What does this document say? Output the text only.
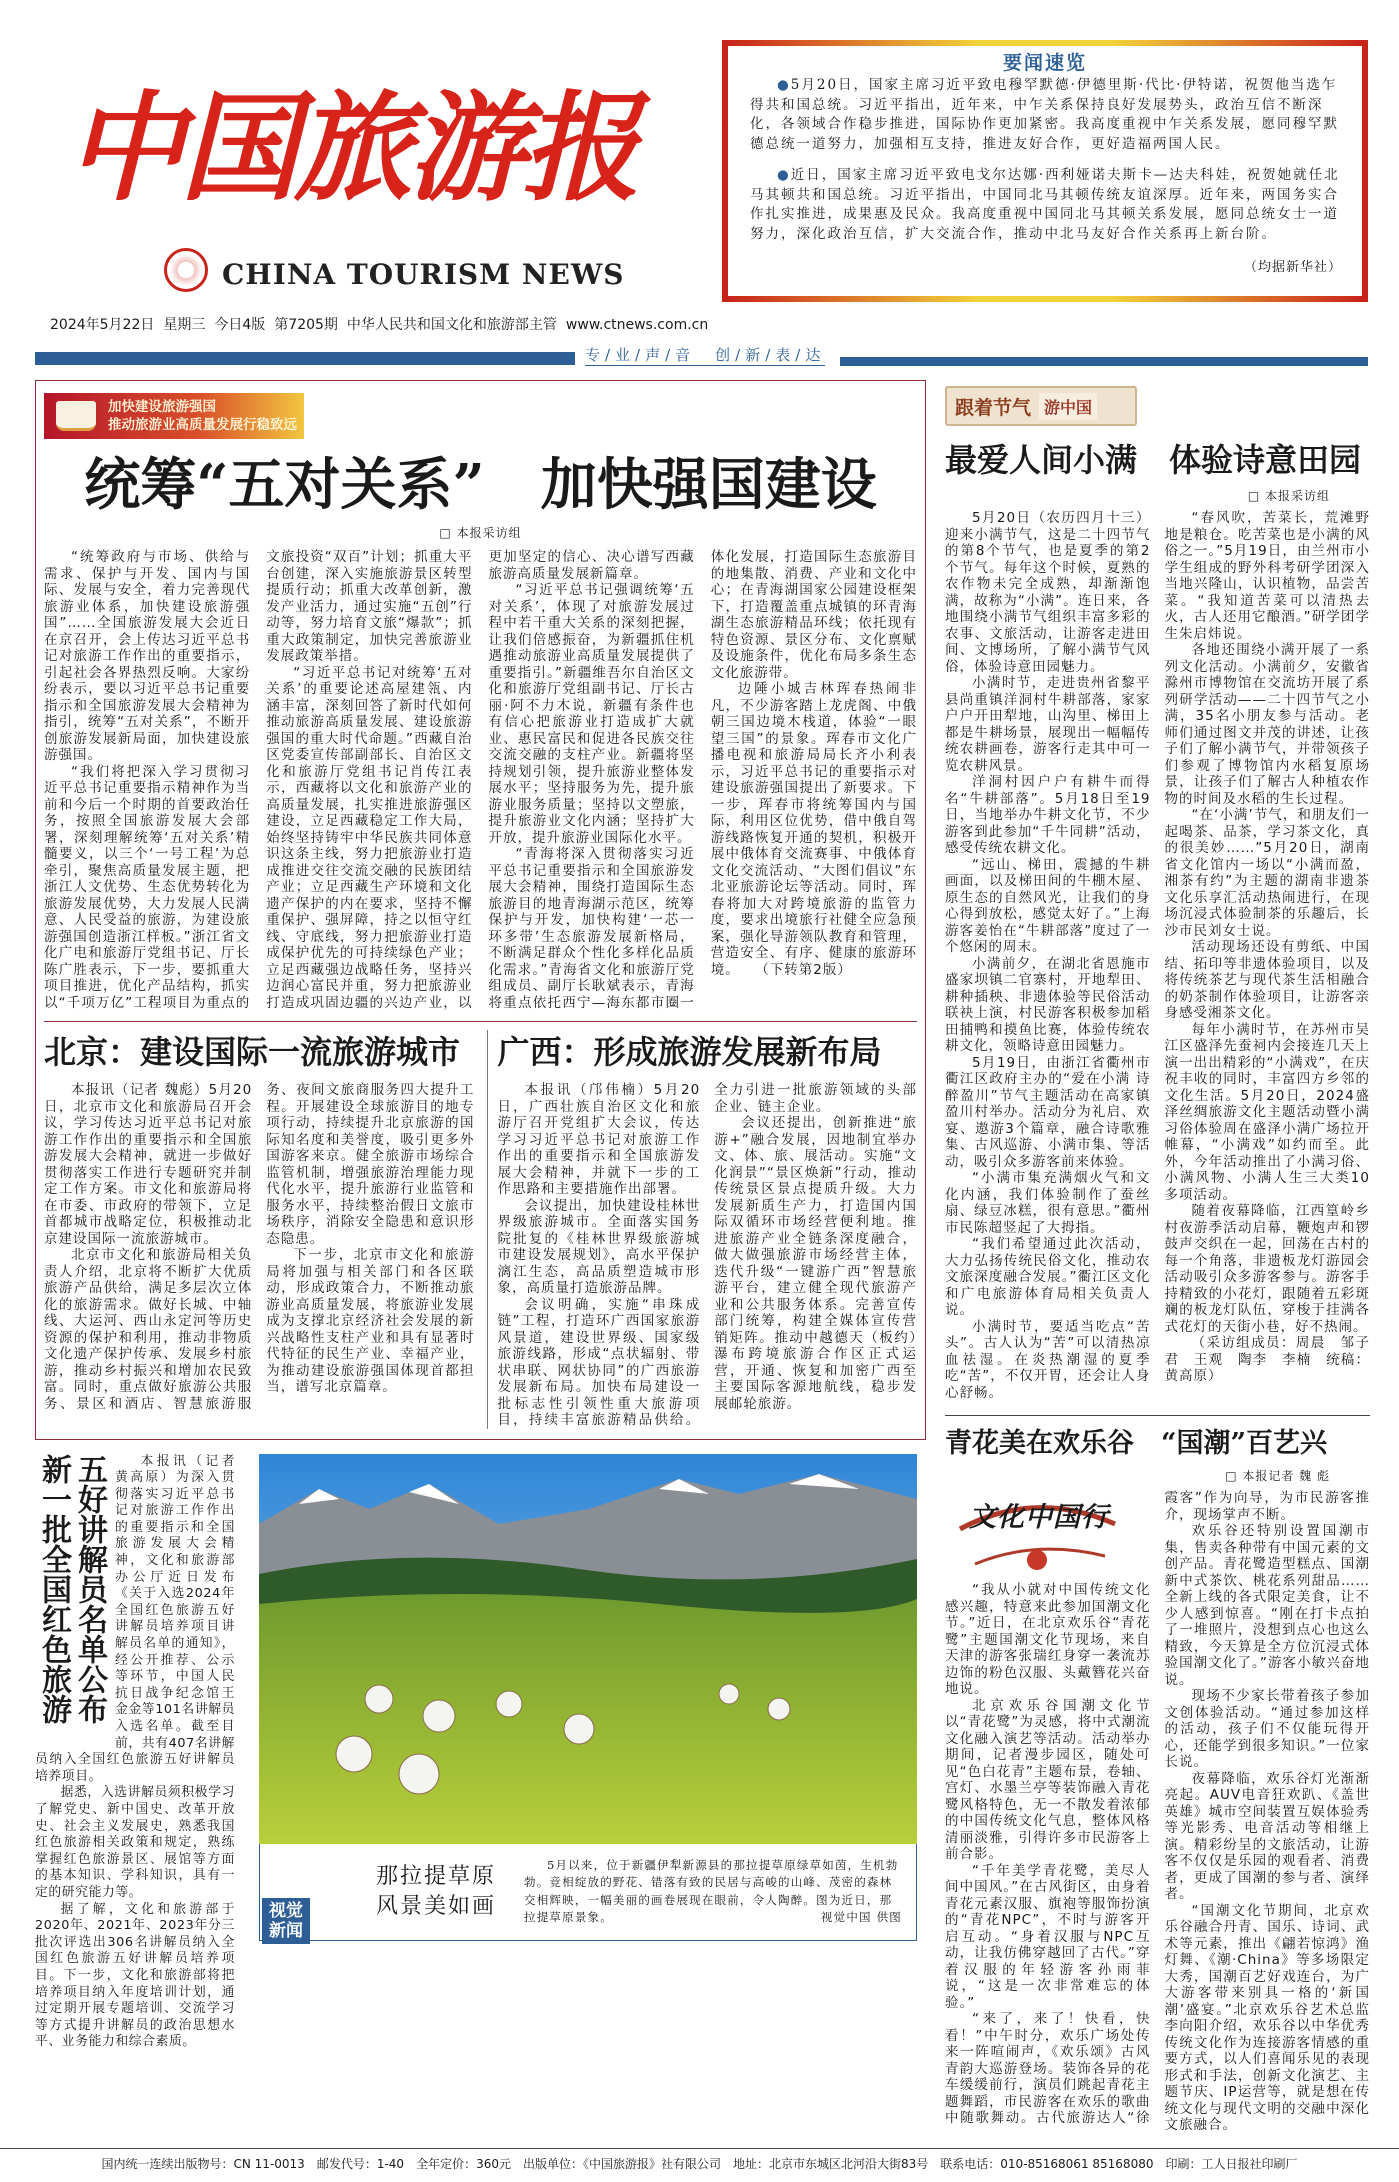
中国旅游报
CHINA TOURISM NEWS
2024年5月22日 星期三 今日4版 第7205期 中华人民共和国文化和旅游部主管 www.ctnews.com.cn
专/业/声/音　创/新/表/达
要闻速览

●5月20日，国家主席习近平致电穆罕默德·伊德里斯·代比·伊特诺，祝贺他当选乍得共和国总统。习近平指出，近年来，中乍关系保持良好发展势头，政治互信不断深化，各领域合作稳步推进，国际协作更加紧密。我高度重视中乍关系发展，愿同穆罕默德总统一道努力，加强相互支持，推进友好合作，更好造福两国人民。

●近日，国家主席习近平致电戈尔达娜·西利娅诺夫斯卡—达夫科娃，祝贺她就任北马其顿共和国总统。习近平指出，中国同北马其顿传统友谊深厚。近年来，两国务实合作扎实推进，成果惠及民众。我高度重视中国同北马其顿关系发展，愿同总统女士一道努力，深化政治互信，扩大交流合作，推动中北马友好合作关系再上新台阶。

（均据新华社）
加快建设旅游强国
推动旅游业高质量发展行稳致远
统筹“五对关系”　加快强国建设
□ 本报采访组

“统筹政府与市场、供给与需求、保护与开发、国内与国际、发展与安全，着力完善现代旅游业体系，加快建设旅游强国”……全国旅游发展大会近日在京召开，会上传达习近平总书记对旅游工作作出的重要指示，引起社会各界热烈反响。大家纷纷表示，要以习近平总书记重要指示和全国旅游发展大会精神为指引，统筹“五对关系”，不断开创旅游发展新局面，加快建设旅游强国。

“我们将把深入学习贯彻习近平总书记重要指示精神作为当前和今后一个时期的首要政治任务，按照全国旅游发展大会部署，深刻理解统筹‘五对关系’精髓要义，以三个‘一号工程’为总牵引，聚焦高质量发展主题，把浙江人文优势、生态优势转化为旅游发展优势，大力发展人民满意、人民受益的旅游，为建设旅游强国创造浙江样板。”浙江省文化广电和旅游厅党组书记、厅长陈广胜表示，下一步，要抓重大项目推进，优化产品结构，抓实以“千项万亿”工程项目为重点的文旅投资“双百”计划；抓重大平台创建，深入实施旅游景区转型提质行动；抓重大改革创新，激发产业活力，通过实施“五创”行动等，努力培育文旅“爆款”；抓重大政策制定，加快完善旅游业发展政策举措。

“习近平总书记对统筹‘五对关系’的重要论述高屋建瓴、内涵丰富，深刻回答了新时代如何推动旅游高质量发展、建设旅游强国的重大时代命题。”西藏自治区党委宣传部副部长、自治区文化和旅游厅党组书记肖传江表示，西藏将以文化和旅游产业的高质量发展，扎实推进旅游强区建设，立足西藏稳定工作大局，始终坚持铸牢中华民族共同体意识这条主线，努力把旅游业打造成推进交往交流交融的民族团结产业；立足西藏生产环境和文化遗产保护的内在要求，坚持不懈重保护、强屏障，持之以恒守红线、守底线，努力把旅游业打造成保护优先的可持续绿色产业；立足西藏强边战略任务，坚持兴边润心富民并重，努力把旅游业打造成巩固边疆的兴边产业，以更加坚定的信心、决心谱写西藏旅游高质量发展新篇章。

“习近平总书记强调统筹‘五对关系’，体现了对旅游发展过程中若干重大关系的深刻把握，让我们倍感振奋，为新疆抓住机遇推动旅游业高质量发展提供了重要指引。”新疆维吾尔自治区文化和旅游厅党组副书记、厅长古丽·阿不力木说，新疆有条件也有信心把旅游业打造成扩大就业、惠民富民和促进各民族交往交流交融的支柱产业。新疆将坚持规划引领，提升旅游业整体发展水平；坚持服务为先，提升旅游业服务质量；坚持以文塑旅，提升旅游业文化内涵；坚持扩大开放，提升旅游业国际化水平。

“青海将深入贯彻落实习近平总书记重要指示和全国旅游发展大会精神，围绕打造国际生态旅游目的地青海湖示范区，统筹保护与开发，加快构建‘一芯一环多带’生态旅游发展新格局，不断满足群众个性化多样化品质化需求。”青海省文化和旅游厅党组成员、副厅长耿斌表示，青海将重点依托西宁—海东都市圈一体化发展，打造国际生态旅游目的地集散、消费、产业和文化中心；在青海湖国家公园建设框架下，打造覆盖重点城镇的环青海湖生态旅游精品环线；依托现有特色资源、景区分布、文化禀赋及设施条件，优化布局多条生态文化旅游带。

边陲小城吉林珲春热闹非凡，不少游客踏上龙虎阁、中俄朝三国边境木栈道，体验“一眼望三国”的景象。珲春市文化广播电视和旅游局局长齐小利表示，习近平总书记的重要指示对建设旅游强国提出了新要求。下一步，珲春市将统筹国内与国际，利用区位优势，借中俄自驾游线路恢复开通的契机，积极开展中俄体育交流赛事、中俄体育文化交流活动、“大图们倡议”东北亚旅游论坛等活动。同时，珲春将加大对跨境旅游的监管力度，要求出境旅行社健全应急预案，强化导游领队教育和管理，营造安全、有序、健康的旅游环境。　　（下转第2版）

北京：建设国际一流旅游城市

本报讯（记者 魏彪）5月20日，北京市文化和旅游局召开会议，学习传达习近平总书记对旅游工作作出的重要指示和全国旅游发展大会精神，就进一步做好贯彻落实工作进行专题研究并制定工作方案。市文化和旅游局将在市委、市政府的带领下，立足首都城市战略定位，积极推动北京建设国际一流旅游城市。

北京市文化和旅游局相关负责人介绍，北京将不断扩大优质旅游产品供给，满足多层次立体化的旅游需求。做好长城、中轴线、大运河、西山永定河等历史资源的保护和利用，推动非物质文化遗产保护传承、发展乡村旅游，推动乡村振兴和增加农民致富。同时，重点做好旅游公共服务、景区和酒店、智慧旅游服务、夜间文旅商服务四大提升工程。开展建设全球旅游目的地专项行动，持续提升北京旅游的国际知名度和美誉度，吸引更多外国游客来京。健全旅游市场综合监管机制，增强旅游治理能力现代化水平，提升旅游行业监管和服务水平，持续整治假日文旅市场秩序，消除安全隐患和意识形态隐患。

下一步，北京市文化和旅游局将加强与相关部门和各区联动，形成政策合力，不断推动旅游业高质量发展，将旅游业发展成为支撑北京经济社会发展的新兴战略性支柱产业和具有显著时代特征的民生产业、幸福产业，为推动建设旅游强国体现首都担当，谱写北京篇章。

广西：形成旅游发展新布局

本报讯（邝伟楠）5月20日，广西壮族自治区文化和旅游厅召开党组扩大会议，传达学习习近平总书记对旅游工作作出的重要指示和全国旅游发展大会精神，并就下一步的工作思路和主要措施作出部署。

会议提出，加快建设桂林世界级旅游城市。全面落实国务院批复的《桂林世界级旅游城市建设发展规划》，高水平保护漓江生态，高品质塑造城市形象，高质量打造旅游品牌。

会议明确，实施“串珠成链”工程，打造环广西国家旅游风景道，建设世界级、国家级旅游线路，形成“点状辐射、带状串联、网状协同”的广西旅游发展新布局。加快布局建设一批标志性引领性重大旅游项目，持续丰富旅游精品供给。全力引进一批旅游领域的头部企业、链主企业。

会议还提出，创新推进“旅游+”融合发展，因地制宜举办文、体、旅、展活动。实施“文化润景”“景区焕新”行动，推动传统景区景点提质升级。大力发展新质生产力，打造国内国际双循环市场经营便利地。推进旅游产业全链条深度融合，做大做强旅游市场经营主体，迭代升级“一键游广西”智慧旅游平台，建立健全现代旅游产业和公共服务体系。完善宣传部门统筹，构建全媒体宣传营销矩阵。推动中越德天（板约）瀑布跨境旅游合作区正式运营，开通、恢复和加密广西至主要国际客源地航线，稳步发展邮轮旅游。

新一批全国红色旅游五好讲解员名单公布	本报讯（记者 黄高原）为深入贯彻落实习近平总书记对旅游工作作出的重要指示和全国旅游发展大会精神，文化和旅游部办公厅近日发布《关于入选2024年全国红色旅游五好讲解员培养项目讲解员名单的通知》，经公开推荐、公示等环节，中国人民抗日战争纪念馆王金金等101名讲解员入选名单。截至目前，共有407名讲解员纳入全国红色旅游五好讲解员培养项目。

据悉，入选讲解员须积极学习了解党史、新中国史、改革开放史、社会主义发展史，熟悉我国红色旅游相关政策和规定，熟练掌握红色旅游景区、展馆等方面的基本知识、学科知识，具有一定的研究能力等。

据了解，文化和旅游部于2020年、2021年、2023年分三批次评选出306名讲解员纳入全国红色旅游五好讲解员培养项目。下一步，文化和旅游部将把培养项目纳入年度培训计划，通过定期开展专题培训、交流学习等方式提升讲解员的政治思想水平、业务能力和综合素质。

视觉新闻
那拉提草原
风景美如画
5月以来，位于新疆伊犁新源县的那拉提草原绿草如茵，生机勃勃。竞相绽放的野花、错落有致的民居与高峻的山峰、茂密的森林交相辉映，一幅美丽的画卷展现在眼前，令人陶醉。图为近日，那拉提草原景象。	视觉中国 供图
跟着节气 游中国
最爱人间小满　体验诗意田园
□ 本报采访组

5月20日（农历四月十三）迎来小满节气，这是二十四节气的第8个节气，也是夏季的第2个节气。每年这个时候，夏熟的农作物未完全成熟，却渐渐饱满，故称为“小满”。连日来，各地围绕小满节气组织丰富多彩的农事、文旅活动，让游客走进田间、文博场所，了解小满节气风俗，体验诗意田园魅力。

小满时节，走进贵州省黎平县尚重镇洋洞村牛耕部落，家家户户开田犁地，山沟里、梯田上都是牛耕场景，展现出一幅幅传统农耕画卷，游客行走其中可一览农耕风景。

洋洞村因户户有耕牛而得名“牛耕部落”。5月18日至19日，当地举办牛耕文化节，不少游客到此参加“千牛同耕”活动，感受传统农耕文化。

“远山、梯田，震撼的牛耕画面，以及梯田间的牛棚木屋、原生态的自然风光，让我们的身心得到放松，感觉太好了。”上海游客姜怡在“牛耕部落”度过了一个悠闲的周末。

小满前夕，在湖北省恩施市盛家坝镇二官寨村，开地犁田、耕种插秧、非遗体验等民俗活动联袂上演，村民游客积极参加稻田捕鸭和摸鱼比赛，体验传统农耕文化，领略诗意田园魅力。

5月19日，由浙江省衢州市衢江区政府主办的“爱在小满 诗醉盈川”节气主题活动在高家镇盈川村举办。活动分为礼启、欢宴、遨游3个篇章，融合诗歌雅集、古风巡游、小满市集、等活动，吸引众多游客前来体验。

“小满市集充满烟火气和文化内涵，我们体验制作了蚕丝扇、绿豆冰糕，很有意思。”衢州市民陈超竖起了大拇指。

“我们希望通过此次活动，大力弘扬传统民俗文化，推动农文旅深度融合发展。”衢江区文化和广电旅游体育局相关负责人说。

小满时节，要适当吃点“苦头”。古人认为“苦”可以清热凉血祛湿。在炎热潮湿的夏季吃“苦”，不仅开胃，还会让人身心舒畅。

“春风吹，苦菜长，荒滩野地是粮仓。吃苦菜也是小满的风俗之一。”5月19日，由兰州市小学生组成的野外科考研学团深入当地兴隆山，认识植物，品尝苦菜。“我知道苦菜可以清热去火，古人还用它酿酒。”研学团学生朱启炜说。

各地还围绕小满开展了一系列文化活动。小满前夕，安徽省滁州市博物馆在交流坊开展了系列研学活动——二十四节气之小满，35名小朋友参与活动。老师们通过图文并茂的讲述，让孩子们了解小满节气，并带领孩子们参观了博物馆内水稻复原场景，让孩子们了解古人种植农作物的时间及水稻的生长过程。

“在‘小满’节气，和朋友们一起喝茶、品茶，学习茶文化，真的很美妙……”5月20日，湖南省文化馆内一场以“小满而盈，湘茶有约”为主题的湖南非遗茶文化乐享汇活动热闹进行，在现场沉浸式体验制茶的乐趣后，长沙市民刘女士说。

活动现场还设有剪纸、中国结、拓印等非遗体验项目，以及将传统茶艺与现代茶生活相融合的奶茶制作体验项目，让游客亲身感受湘茶文化。

每年小满时节，在苏州市吴江区盛泽先蚕祠内会接连几天上演一出出精彩的“小满戏”，在庆祝丰收的同时，丰富四方乡邻的文化生活。5月20日，2024盛泽丝绸旅游文化主题活动暨小满习俗体验周在盛泽小满广场拉开帷幕，“小满戏”如约而至。此外，今年活动推出了小满习俗、小满风物、小满人生三大类10多项活动。

随着夜幕降临，江西篁岭乡村夜游季活动启幕，鞭炮声和锣鼓声交织在一起，回荡在古村的每一个角落，非遗板龙灯游园会活动吸引众多游客参与。游客手持精致的小花灯，跟随着五彩斑斓的板龙灯队伍，穿梭于挂满各式花灯的天街小巷，好不热闹。

（采访组成员：周晨　邹子君　王观　陶李　李楠　统稿：黄高原）

青花美在欢乐谷　“国潮”百艺兴
□ 本报记者 魏 彪
文化中国行

“我从小就对中国传统文化感兴趣，特意来此参加国潮文化节。”近日，在北京欢乐谷“青花鹭”主题国潮文化节现场，来自天津的游客张瑞红身穿一袭流苏边饰的粉色汉服、头戴簪花兴奋地说。

北京欢乐谷国潮文化节以“青花鹭”为灵感，将中式潮流文化融入演艺等活动。活动举办期间，记者漫步园区，随处可见“色白花青”主题布景，卷轴、宫灯、水墨兰亭等装饰融入青花鹭风格特色，无一不散发着浓郁的中国传统文化气息，整体风格清丽淡雅，引得许多市民游客上前合影。

“千年美学青花鹭，美尽人间中国风。”在古风街区，由身着青花元素汉服、旗袍等服饰扮演的“青花NPC”，不时与游客开启互动。“身着汉服与NPC互动，让我仿佛穿越回了古代。”穿着汉服的年轻游客孙雨菲说，“这是一次非常难忘的体验。”

“来了，来了！快看，快看！”中午时分，欢乐广场处传来一阵喧闹声，《欢乐颂》古风青韵大巡游登场。装饰各异的花车缓缓前行，演员们跳起青花主题舞蹈，市民游客在欢乐的歌曲中随歌舞动。古代旅游达人“徐霞客”作为向导，为市民游客推介，现场掌声不断。

欢乐谷还特别设置国潮市集，售卖各种带有中国元素的文创产品。青花鹭造型糕点、国潮新中式茶饮、桃花系列甜品……全新上线的各式限定美食，让不少人感到惊喜。“刚在打卡点拍了一堆照片，没想到点心也这么精致，今天算是全方位沉浸式体验国潮文化了。”游客小敏兴奋地说。

现场不少家长带着孩子参加文创体验活动。“通过参加这样的活动，孩子们不仅能玩得开心，还能学到很多知识。”一位家长说。

夜幕降临，欢乐谷灯光渐渐亮起。AUV电音狂欢趴、《盖世英雄》城市空间装置互娱体验秀等光影秀、电音活动等相继上演。精彩纷呈的文旅活动，让游客不仅仅是乐园的观看者、消费者，更成了国潮的参与者、演绎者。

“国潮文化节期间，北京欢乐谷融合丹青、国乐、诗词、武术等元素，推出《翩若惊鸿》渔灯舞、《潮·China》等多场限定大秀，国潮百艺好戏连台，为广大游客带来别具一格的‘新国潮’盛宴。”北京欢乐谷艺术总监李向阳介绍，欢乐谷以中华优秀传统文化作为连接游客情感的重要方式，以人们喜闻乐见的表现形式和手法，创新文化演艺、主题节庆、IP运营等，就是想在传统文化与现代文明的交融中深化文旅融合。

国内统一连续出版物号：CN 11-0013 邮发代号：1-40 全年定价：360元 出版单位：《中国旅游报》社有限公司 地址：北京市东城区北河沿大街83号 联系电话：010-85168061 85168080 印刷：工人日报社印刷厂
